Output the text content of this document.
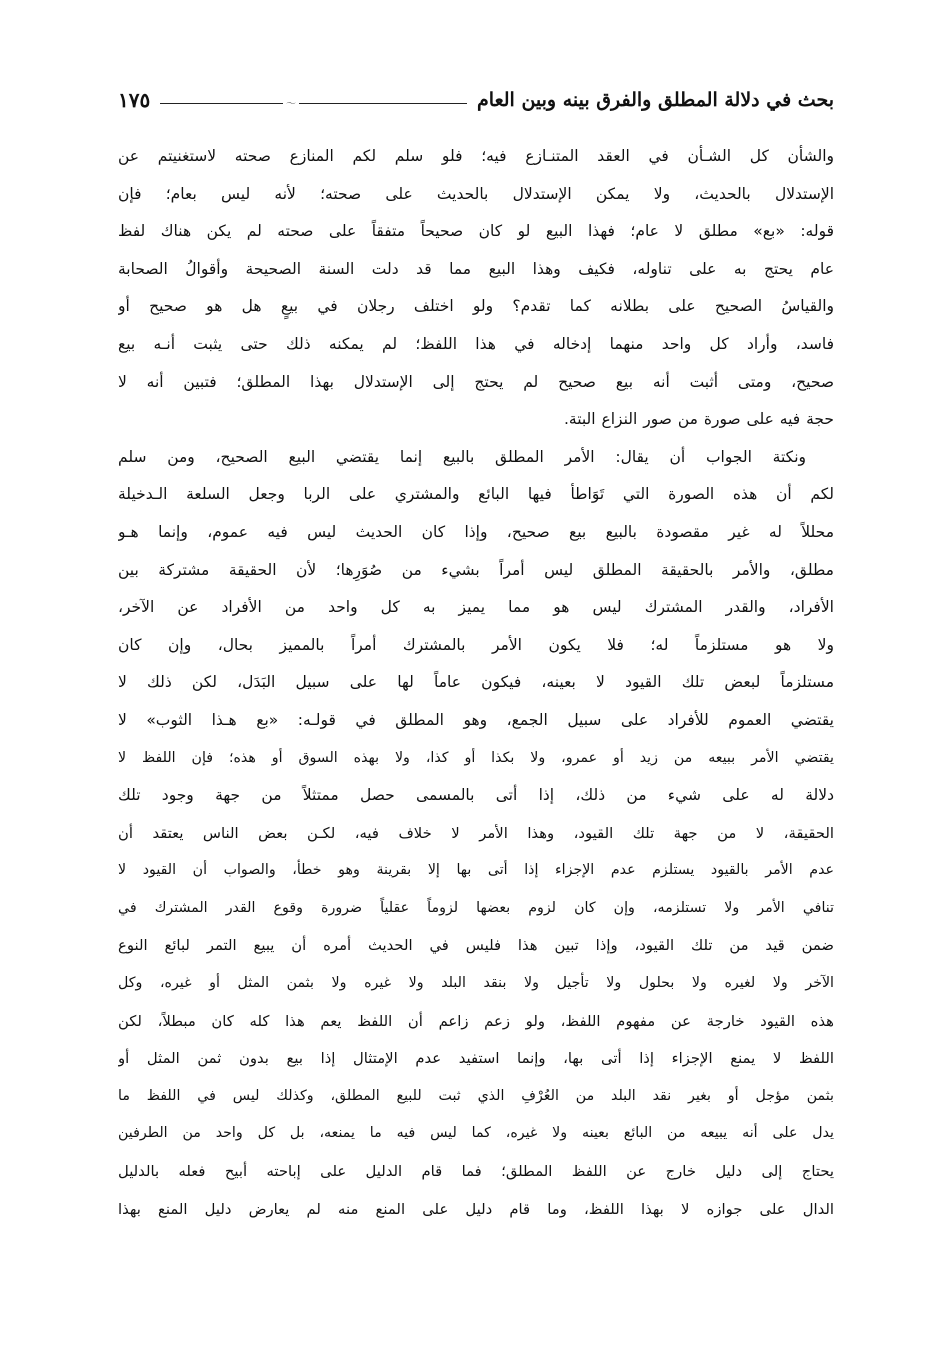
بحث في دلالة المطلق والفرق بينه وبين العام
〜
١٧٥
والشأن كل الشـأن في العقد المتنـازع فيه؛ فلو سلم لكم المنازع صحته لاستغنيتم عن
الإستدلال بالحديث، ولا يمكن الإستدلال بالحديث على صحته؛ لأنه ليس بعام؛ فإن
قوله: «بع» مطلق لا عام؛ فهذا البيع لو كان صحيحاً متفقاً على صحته لم يكن هناك لفظ
عام يحتج به على تناوله، فكيف وهذا البيع مما قد دلت السنة الصحيحة وأقوالُ الصحابة
والقياسُ الصحيح على بطلانه كما تقدم؟ ولو اختلف رجلان في بيعٍ هل هو صحيح أو
فاسد، وأراد كل واحد منهما إدخاله في هذا اللفظ؛ لم يمكنه ذلك حتى يثبت أنـه بيع
صحيح، ومتى أثبت أنه بيع صحيح لم يحتج إلى الإستدلال بهذا المطلق؛ فتبين أنه لا
حجة فيه على صورة من صور النزاع البتة.
ونكتة الجواب أن يقال: الأمر المطلق بالبيع إنما يقتضي البيع الصحيح، ومن سلم
لكم أن هذه الصورة التي تَوَاطأ فيها البائع والمشتري على الربا وجعل السلعة الـدخيلة
محللاً له غير مقصودة بالبيع بيع صحيح، وإذا كان الحديث ليس فيه عموم، وإنما هـو
مطلق، والأمر بالحقيقة المطلق ليس أمراً بشيء من صُوَرِها؛ لأن الحقيقة مشتركة بين
الأفراد، والقدر المشترك ليس هو مما يميز به كل واحد من الأفراد عن الآخر،
ولا هو مستلزماً له؛ فلا يكون الأمر بالمشترك أمراً بالمميز بحال، وإن كان
مستلزماً لبعض تلك القيود لا بعينه، فيكون عاماً لها على سبيل البَدَل، لكن ذلك لا
يقتضي العموم للأفراد على سبيل الجمع، وهو المطلق في قولـه: «بع هـذا الثوب» لا
يقتضي الأمر ببيعه من زيد أو عمرو، ولا بكذا أو كذا، ولا بهذه السوق أو هذه؛ فإن اللفظ لا
دلالة له على شيء من ذلك، إذا أتى بالمسمى حصل ممتثلاً من جهة وجود تلك
الحقيقة، لا من جهة تلك القيود، وهذا الأمر لا خلاف فيه، لكـن بعض الناس يعتقد أن
عدم الأمر بالقيود يستلزم عدم الإجزاء إذا أتى بها إلا بقرينة وهو خطأ، والصواب أن القيود لا
تنافي الأمر ولا تستلزمه، وإن كان لزوم بعضها لزوماً عقلياً ضرورة وقوع القدر المشترك في
ضمن قيد من تلك القيود، وإذا تبين هذا فليس في الحديث أمره أن يبيع التمر لبائع النوع
الآخر ولا لغيره ولا بحلول ولا تأجيل ولا بنقد البلد ولا غيره ولا بثمن المثل أو غيره، وكل
هذه القيود خارجة عن مفهوم اللفظ، ولو زعم زاعم أن اللفظ يعم هذا كله كان مبطلاً، لكن
اللفظ لا يمنع الإجزاء إذا أتى بها، وإنما استفيد عدم الإمتثال إذا بيع بدون ثمن المثل أو
بثمن مؤجل أو بغير نقد البلد من العُرْفِ الذي ثبت للبيع المطلق، وكذلك ليس في اللفظ ما
يدل على أنه يبيعه من البائع بعينه ولا غيره، كما ليس فيه ما يمنعه، بل كل واحد من الطرفين
يحتاج إلى دليل خارج عن اللفظ المطلق؛ فما قام الدليل على إباحته أبيح فعله بالدليل
الدال على جوازه لا بهذا اللفظ، وما قام دليل على المنع منه لم يعارض دليل المنع بهذا
